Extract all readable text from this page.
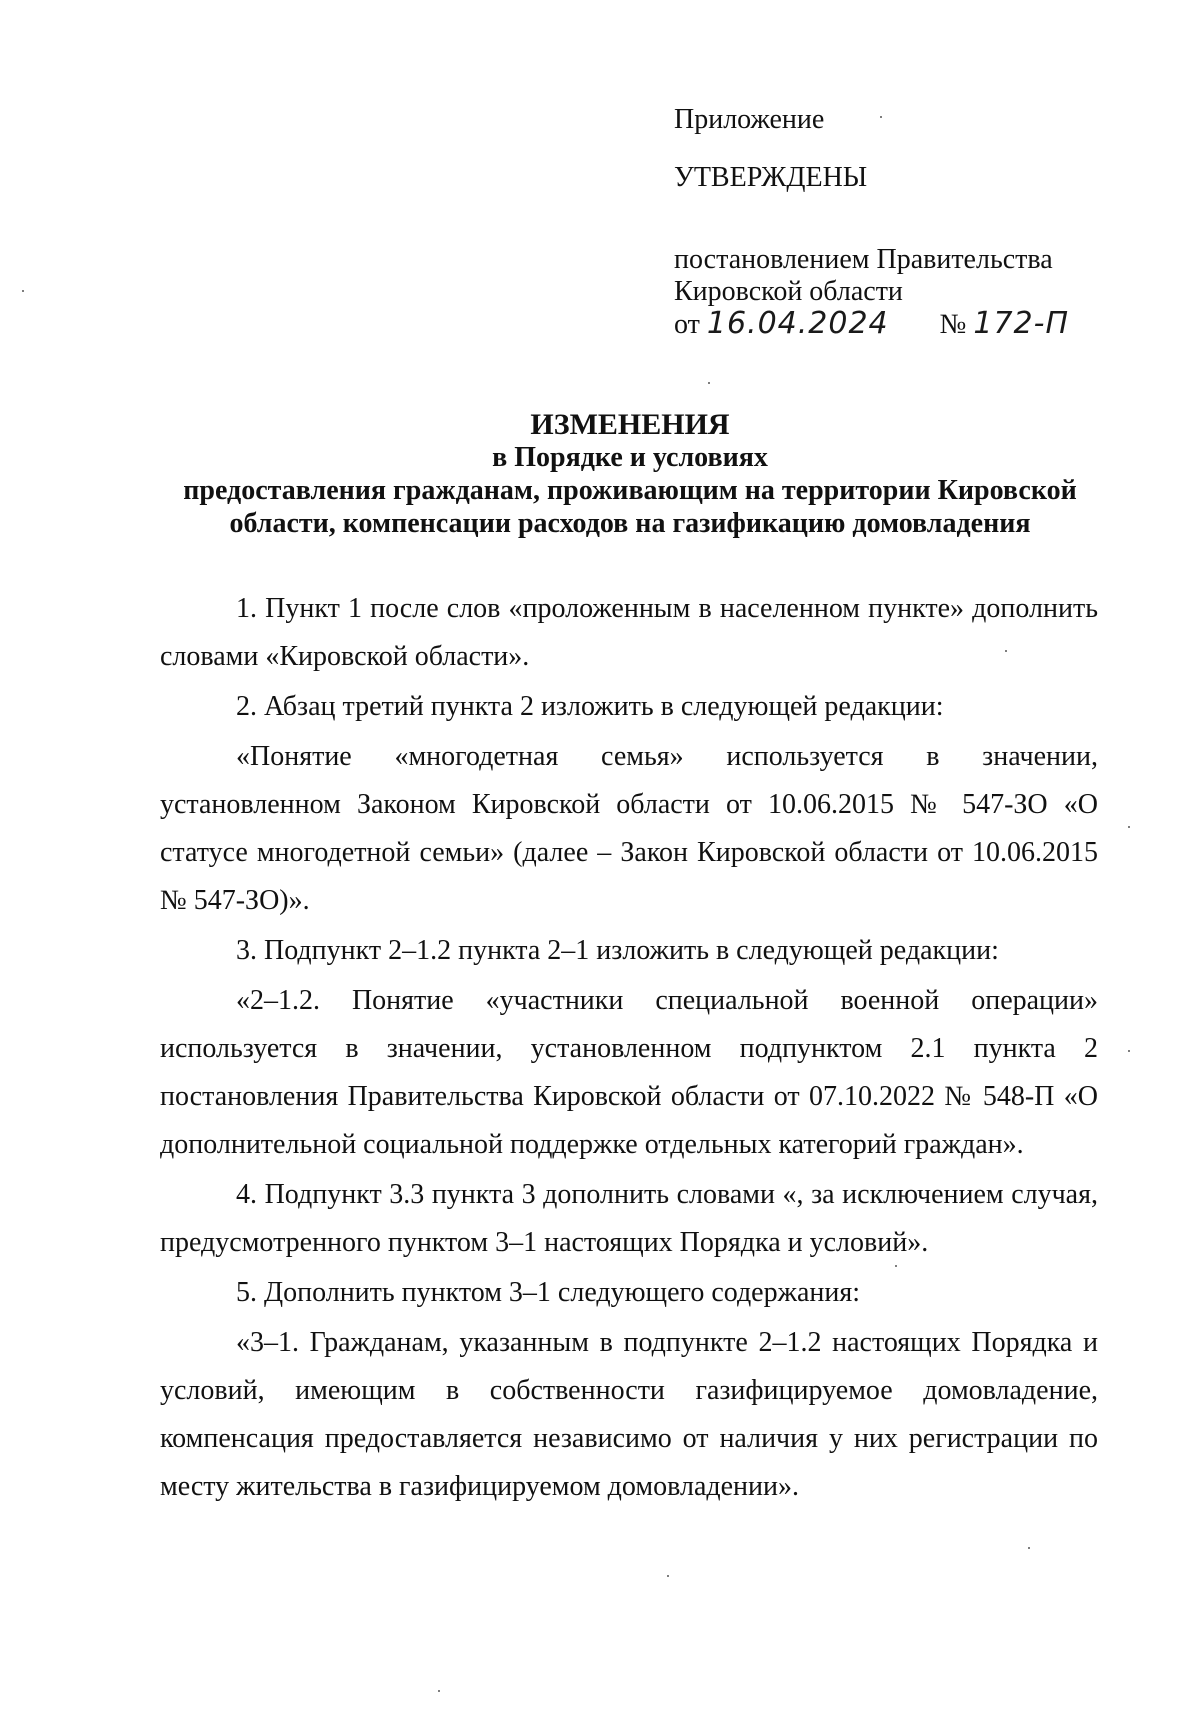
Приложение

УТВЕРЖДЕНЫ

постановлением Правительства

Кировской области

от 16.04.2024 № 172-П

ИЗМЕНЕНИЯ
в Порядке и условиях
предоставления гражданам, проживающим на территории Кировской
области, компенсации расходов на газификацию домовладения

1. Пункт 1 после слов «проложенным в населенном пункте» дополнить словами «Кировской области».

2. Абзац третий пункта 2 изложить в следующей редакции:

«Понятие «многодетная семья» используется в значении, установленном Законом Кировской области от 10.06.2015 № 547-ЗО «О статусе многодетной семьи» (далее – Закон Кировской области от 10.06.2015 № 547-ЗО)».

3. Подпункт 2–1.2 пункта 2–1 изложить в следующей редакции:

«2–1.2. Понятие «участники специальной военной операции» используется в значении, установленном подпунктом 2.1 пункта 2 постановления Правительства Кировской области от 07.10.2022 № 548-П «О дополнительной социальной поддержке отдельных категорий граждан».

4. Подпункт 3.3 пункта 3 дополнить словами «, за исключением случая, предусмотренного пунктом 3–1 настоящих Порядка и условий».

5. Дополнить пунктом 3–1 следующего содержания:

«3–1. Гражданам, указанным в подпункте 2–1.2 настоящих Порядка и условий, имеющим в собственности газифицируемое домовладение, компенсация предоставляется независимо от наличия у них регистрации по месту жительства в газифицируемом домовладении».
